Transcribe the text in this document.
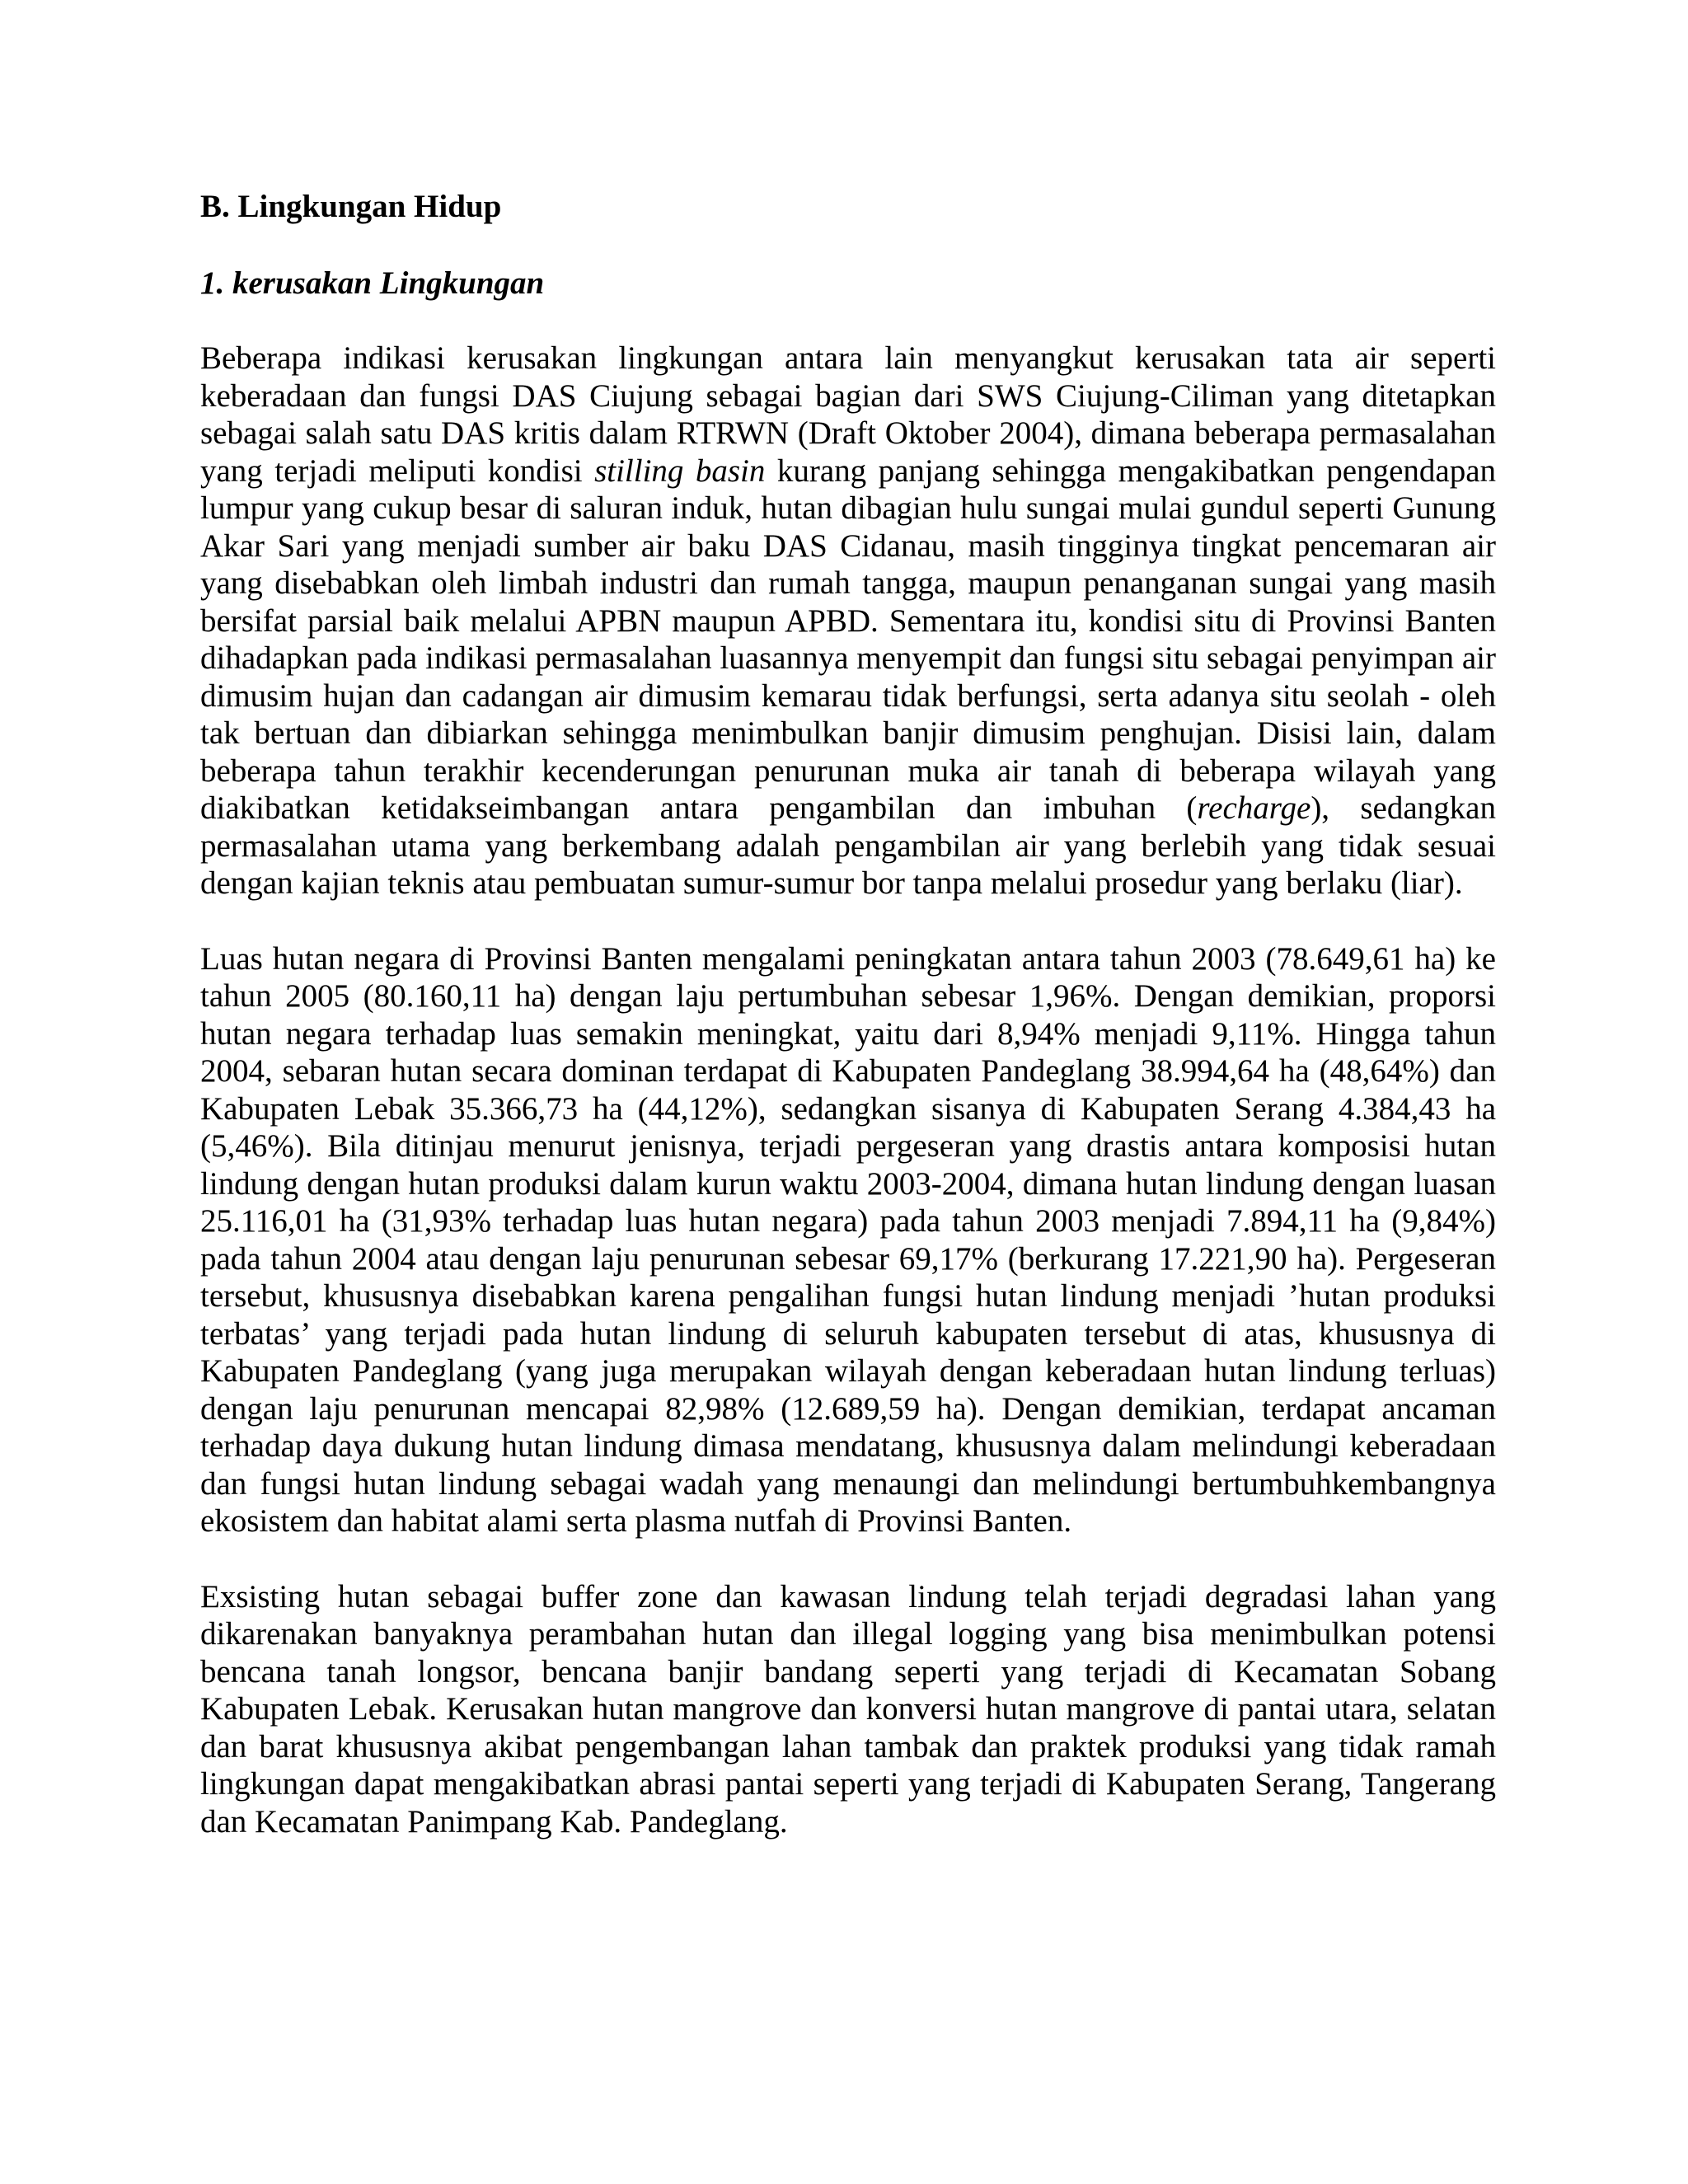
B. Lingkungan Hidup
1. kerusakan Lingkungan

Beberapa indikasi kerusakan lingkungan antara lain menyangkut kerusakan tata air seperti keberadaan dan fungsi DAS Ciujung sebagai bagian dari SWS Ciujung-Ciliman yang ditetapkan sebagai salah satu DAS kritis dalam RTRWN (Draft Oktober 2004), dimana beberapa permasalahan yang terjadi meliputi kondisi stilling basin kurang panjang sehingga mengakibatkan pengendapan lumpur yang cukup besar di saluran induk, hutan dibagian hulu sungai mulai gundul seperti Gunung Akar Sari yang menjadi sumber air baku DAS Cidanau, masih tingginya tingkat pencemaran air yang disebabkan oleh limbah industri dan rumah tangga, maupun penanganan sungai yang masih bersifat parsial baik melalui APBN maupun APBD. Sementara itu, kondisi situ di Provinsi Banten dihadapkan pada indikasi permasalahan luasannya menyempit dan fungsi situ sebagai penyimpan air dimusim hujan dan cadangan air dimusim kemarau tidak berfungsi, serta adanya situ seolah - oleh tak bertuan dan dibiarkan sehingga menimbulkan banjir dimusim penghujan. Disisi lain, dalam beberapa tahun terakhir kecenderungan penurunan muka air tanah di beberapa wilayah yang diakibatkan ketidakseimbangan antara pengambilan dan imbuhan (recharge), sedangkan permasalahan utama yang berkembang adalah pengambilan air yang berlebih yang tidak sesuai dengan kajian teknis atau pembuatan sumur-sumur bor tanpa melalui prosedur yang berlaku (liar).

Luas hutan negara di Provinsi Banten mengalami peningkatan antara tahun 2003 (78.649,61 ha) ke tahun 2005 (80.160,11 ha) dengan laju pertumbuhan sebesar 1,96%. Dengan demikian, proporsi hutan negara terhadap luas semakin meningkat, yaitu dari 8,94% menjadi 9,11%. Hingga tahun 2004, sebaran hutan secara dominan terdapat di Kabupaten Pandeglang 38.994,64 ha (48,64%) dan Kabupaten Lebak 35.366,73 ha (44,12%), sedangkan sisanya di Kabupaten Serang 4.384,43 ha (5,46%). Bila ditinjau menurut jenisnya, terjadi pergeseran yang drastis antara komposisi hutan lindung dengan hutan produksi dalam kurun waktu 2003-2004, dimana hutan lindung dengan luasan 25.116,01 ha (31,93% terhadap luas hutan negara) pada tahun 2003 menjadi 7.894,11 ha (9,84%) pada tahun 2004 atau dengan laju penurunan sebesar 69,17% (berkurang 17.221,90 ha). Pergeseran tersebut, khususnya disebabkan karena pengalihan fungsi hutan lindung menjadi ’hutan produksi terbatas’ yang terjadi pada hutan lindung di seluruh kabupaten tersebut di atas, khususnya di Kabupaten Pandeglang (yang juga merupakan wilayah dengan keberadaan hutan lindung terluas) dengan laju penurunan mencapai 82,98% (12.689,59 ha). Dengan demikian, terdapat ancaman terhadap daya dukung hutan lindung dimasa mendatang, khususnya dalam melindungi keberadaan dan fungsi hutan lindung sebagai wadah yang menaungi dan melindungi bertumbuhkembangnya ekosistem dan habitat alami serta plasma nutfah di Provinsi Banten.

Exsisting hutan sebagai buffer zone dan kawasan lindung telah terjadi degradasi lahan yang dikarenakan banyaknya perambahan hutan dan illegal logging yang bisa menimbulkan potensi bencana tanah longsor, bencana banjir bandang seperti yang terjadi di Kecamatan Sobang Kabupaten Lebak. Kerusakan hutan mangrove dan konversi hutan mangrove di pantai utara, selatan dan barat khususnya akibat pengembangan lahan tambak dan praktek produksi yang tidak ramah lingkungan dapat mengakibatkan abrasi pantai seperti yang terjadi di Kabupaten Serang, Tangerang dan Kecamatan Panimpang Kab. Pandeglang.
